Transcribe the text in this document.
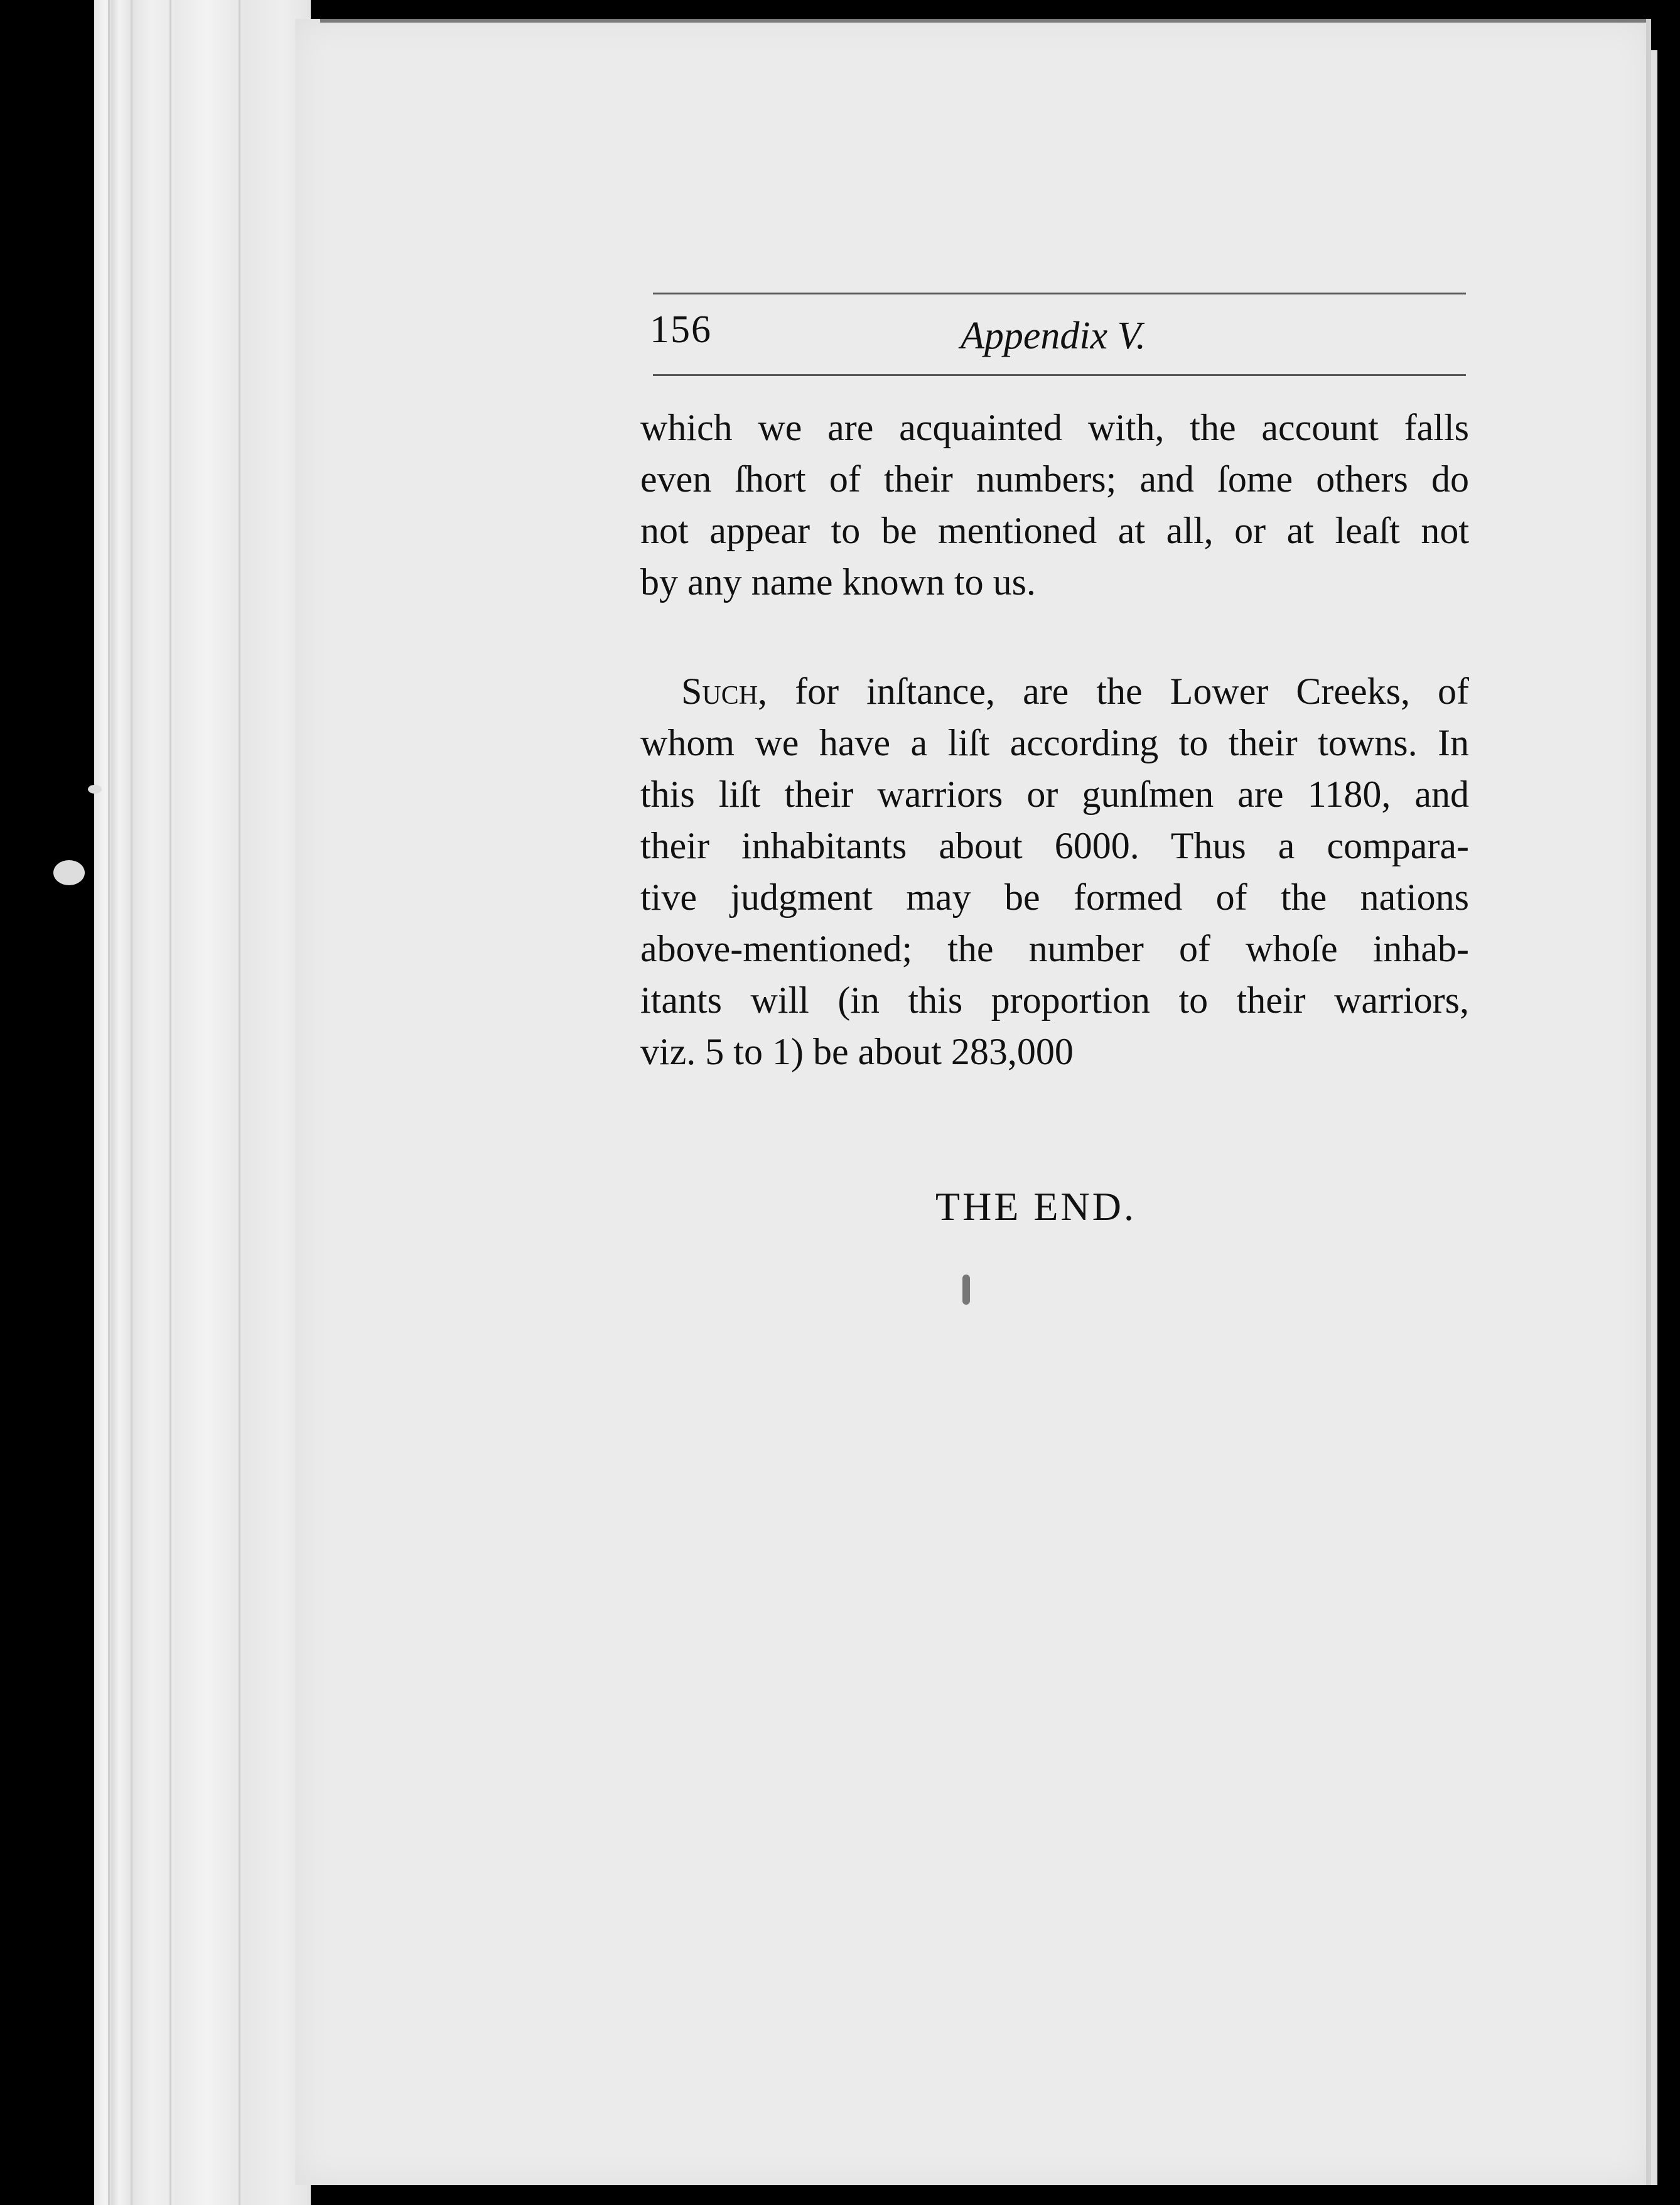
156	Appendix V.
which we are acquainted with, the account falls
even ſhort of their numbers; and ſome others do
not appear to be mentioned at all, or at leaſt not
by any name known to us.
Such, for inſtance, are the Lower Creeks, of
whom we have a liſt according to their towns. In
this liſt their warriors or gunſmen are 1180, and
their inhabitants about 6000. Thus a compara-
tive judgment may be formed of the nations
above-mentioned; the number of whoſe inhab-
itants will (in this proportion to their warriors,
viz. 5 to 1) be about 283,000
THE END.
